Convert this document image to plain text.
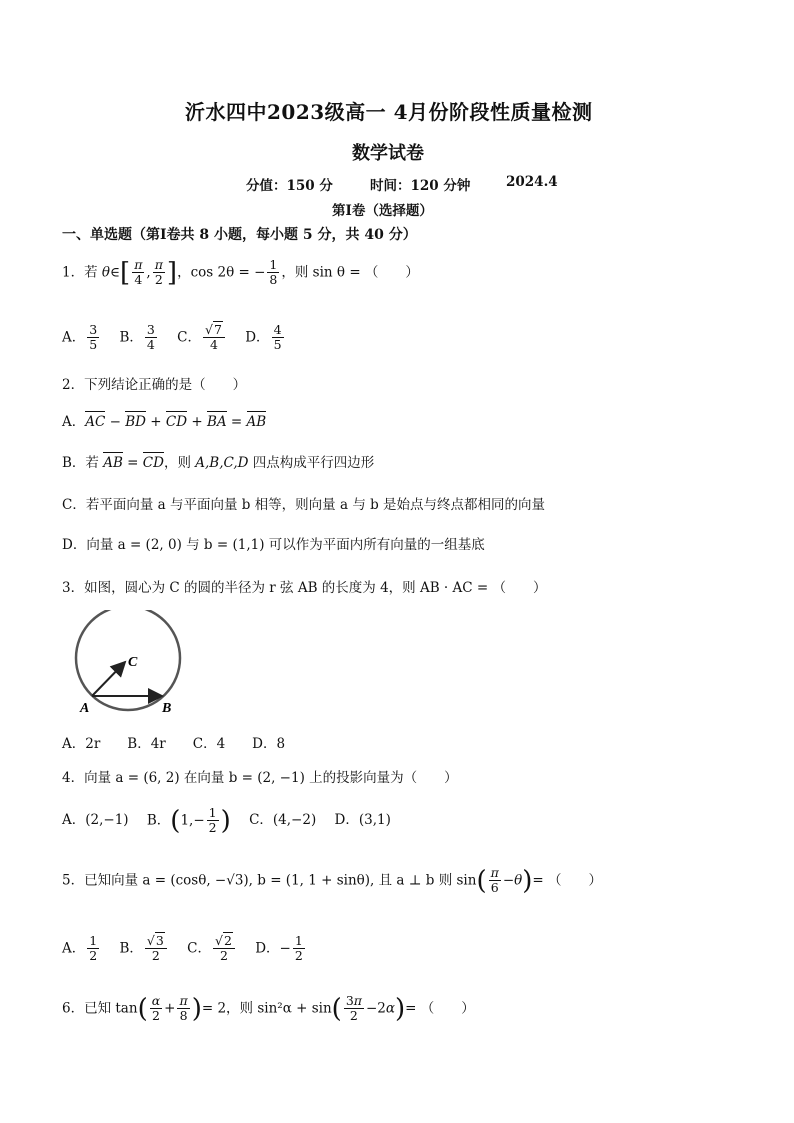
沂水四中2023级高一 4月份阶段性质量检测
数学试卷
分值：150 分	时间：120 分钟	2024.4
第Ⅰ卷（选择题）
一、单选题（第Ⅰ卷共 8 小题，每小题 5 分，共 40 分）
1．若 θ∈[ $\frac{\pi}{4}$ , $\frac{\pi}{2}$ ]，cos 2θ = − $\frac{1}{8}$ ，则 sin θ = （　　）
A． $\frac{3}{5}$ B． $\frac{3}{4}$ C． $\frac{√7}{4}$ D． $\frac{4}{5}$
2．下列结论正确的是（　　）
A．AC − BD + CD + BA = AB
B．若 AB = CD，则 A,B,C,D 四点构成平行四边形
C．若平面向量 a 与平面向量 b 相等，则向量 a 与 b 是始点与终点都相同的向量
D．向量 a = (2, 0) 与 b = (1,1) 可以作为平面内所有向量的一组基底
3．如图，圆心为 C 的圆的半径为 r 弦 AB 的长度为 4，则 AB · AC = （　　）
A	B
C
A．2r　　B．4r　　C．4　　D．8
4．向量 a = (6, 2) 在向量 b = (2, −1) 上的投影向量为（　　）
A．(2,−1) B．($1,- \frac{1}{2}$ ) C．(4,−2) D．(3,1)
5．已知向量 a = (cosθ, −√3), b = (1, 1 + sinθ), 且 a ⊥ b 则 $\sin( \frac{\pi}{6} -\theta)=$ （　　）
A． $\frac{1}{2}$ B． $\frac{√3}{2}$ C． $\frac{√2}{2}$ D．− $\frac{1}{2}$
6．已知 $\tan( \frac{\alpha}{2} + \frac{\pi}{8}$ )= 2，则 $\sin^2\alpha + \sin( \frac{3\pi}{2} -2\alpha)=$ （　　）
